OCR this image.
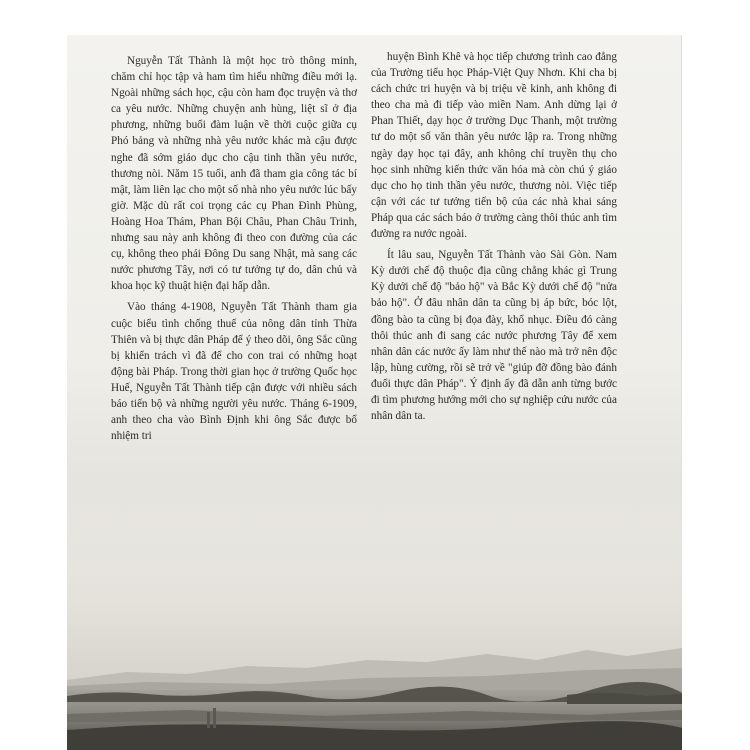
Nguyễn Tất Thành là một học trò thông minh, chăm chỉ học tập và ham tìm hiểu những điều mới lạ. Ngoài những sách học, cậu còn ham đọc truyện và thơ ca yêu nước. Những chuyện anh hùng, liệt sĩ ở địa phương, những buổi đàm luận về thời cuộc giữa cụ Phó bảng và những nhà yêu nước khác mà cậu được nghe đã sớm giáo dục cho cậu tinh thần yêu nước, thương nòi. Năm 15 tuổi, anh đã tham gia công tác bí mật, làm liên lạc cho một số nhà nho yêu nước lúc bấy giờ. Mặc dù rất coi trọng các cụ Phan Đình Phùng, Hoàng Hoa Thám, Phan Bội Châu, Phan Châu Trinh, nhưng sau này anh không đi theo con đường của các cụ, không theo phái Đông Du sang Nhật, mà sang các nước phương Tây, nơi có tư tưởng tự do, dân chủ và khoa học kỹ thuật hiện đại hấp dẫn.

Vào tháng 4-1908, Nguyễn Tất Thành tham gia cuộc biểu tình chống thuế của nông dân tỉnh Thừa Thiên và bị thực dân Pháp để ý theo dõi, ông Sắc cũng bị khiển trách vì đã để cho con trai có những hoạt động bài Pháp. Trong thời gian học ở trường Quốc học Huế, Nguyễn Tất Thành tiếp cận được với nhiều sách báo tiến bộ và những người yêu nước. Tháng 6-1909, anh theo cha vào Bình Định khi ông Sắc được bổ nhiệm tri

huyện Bình Khê và học tiếp chương trình cao đẳng của Trường tiểu học Pháp-Việt Quy Nhơn. Khi cha bị cách chức tri huyện và bị triệu về kinh, anh không đi theo cha mà đi tiếp vào miền Nam. Anh dừng lại ở Phan Thiết, dạy học ở trường Dục Thanh, một trường tư do một số văn thân yêu nước lập ra. Trong những ngày dạy học tại đây, anh không chỉ truyền thụ cho học sinh những kiến thức văn hóa mà còn chú ý giáo dục cho họ tinh thần yêu nước, thương nòi. Việc tiếp cận với các tư tưởng tiến bộ của các nhà khai sáng Pháp qua các sách báo ở trường càng thôi thúc anh tìm đường ra nước ngoài.

Ít lâu sau, Nguyễn Tất Thành vào Sài Gòn. Nam Kỳ dưới chế độ thuộc địa cũng chẳng khác gì Trung Kỳ dưới chế độ "bảo hộ" và Bắc Kỳ dưới chế độ "nửa bảo hộ". Ở đâu nhân dân ta cũng bị áp bức, bóc lột, đồng bào ta cũng bị đọa đày, khổ nhục. Điều đó càng thôi thúc anh đi sang các nước phương Tây để xem nhân dân các nước ấy làm như thế nào mà trở nên độc lập, hùng cường, rồi sẽ trở về "giúp đỡ đồng bào đánh đuổi thực dân Pháp". Ý định ấy đã dẫn anh từng bước đi tìm phương hướng mới cho sự nghiệp cứu nước của nhân dân ta.
